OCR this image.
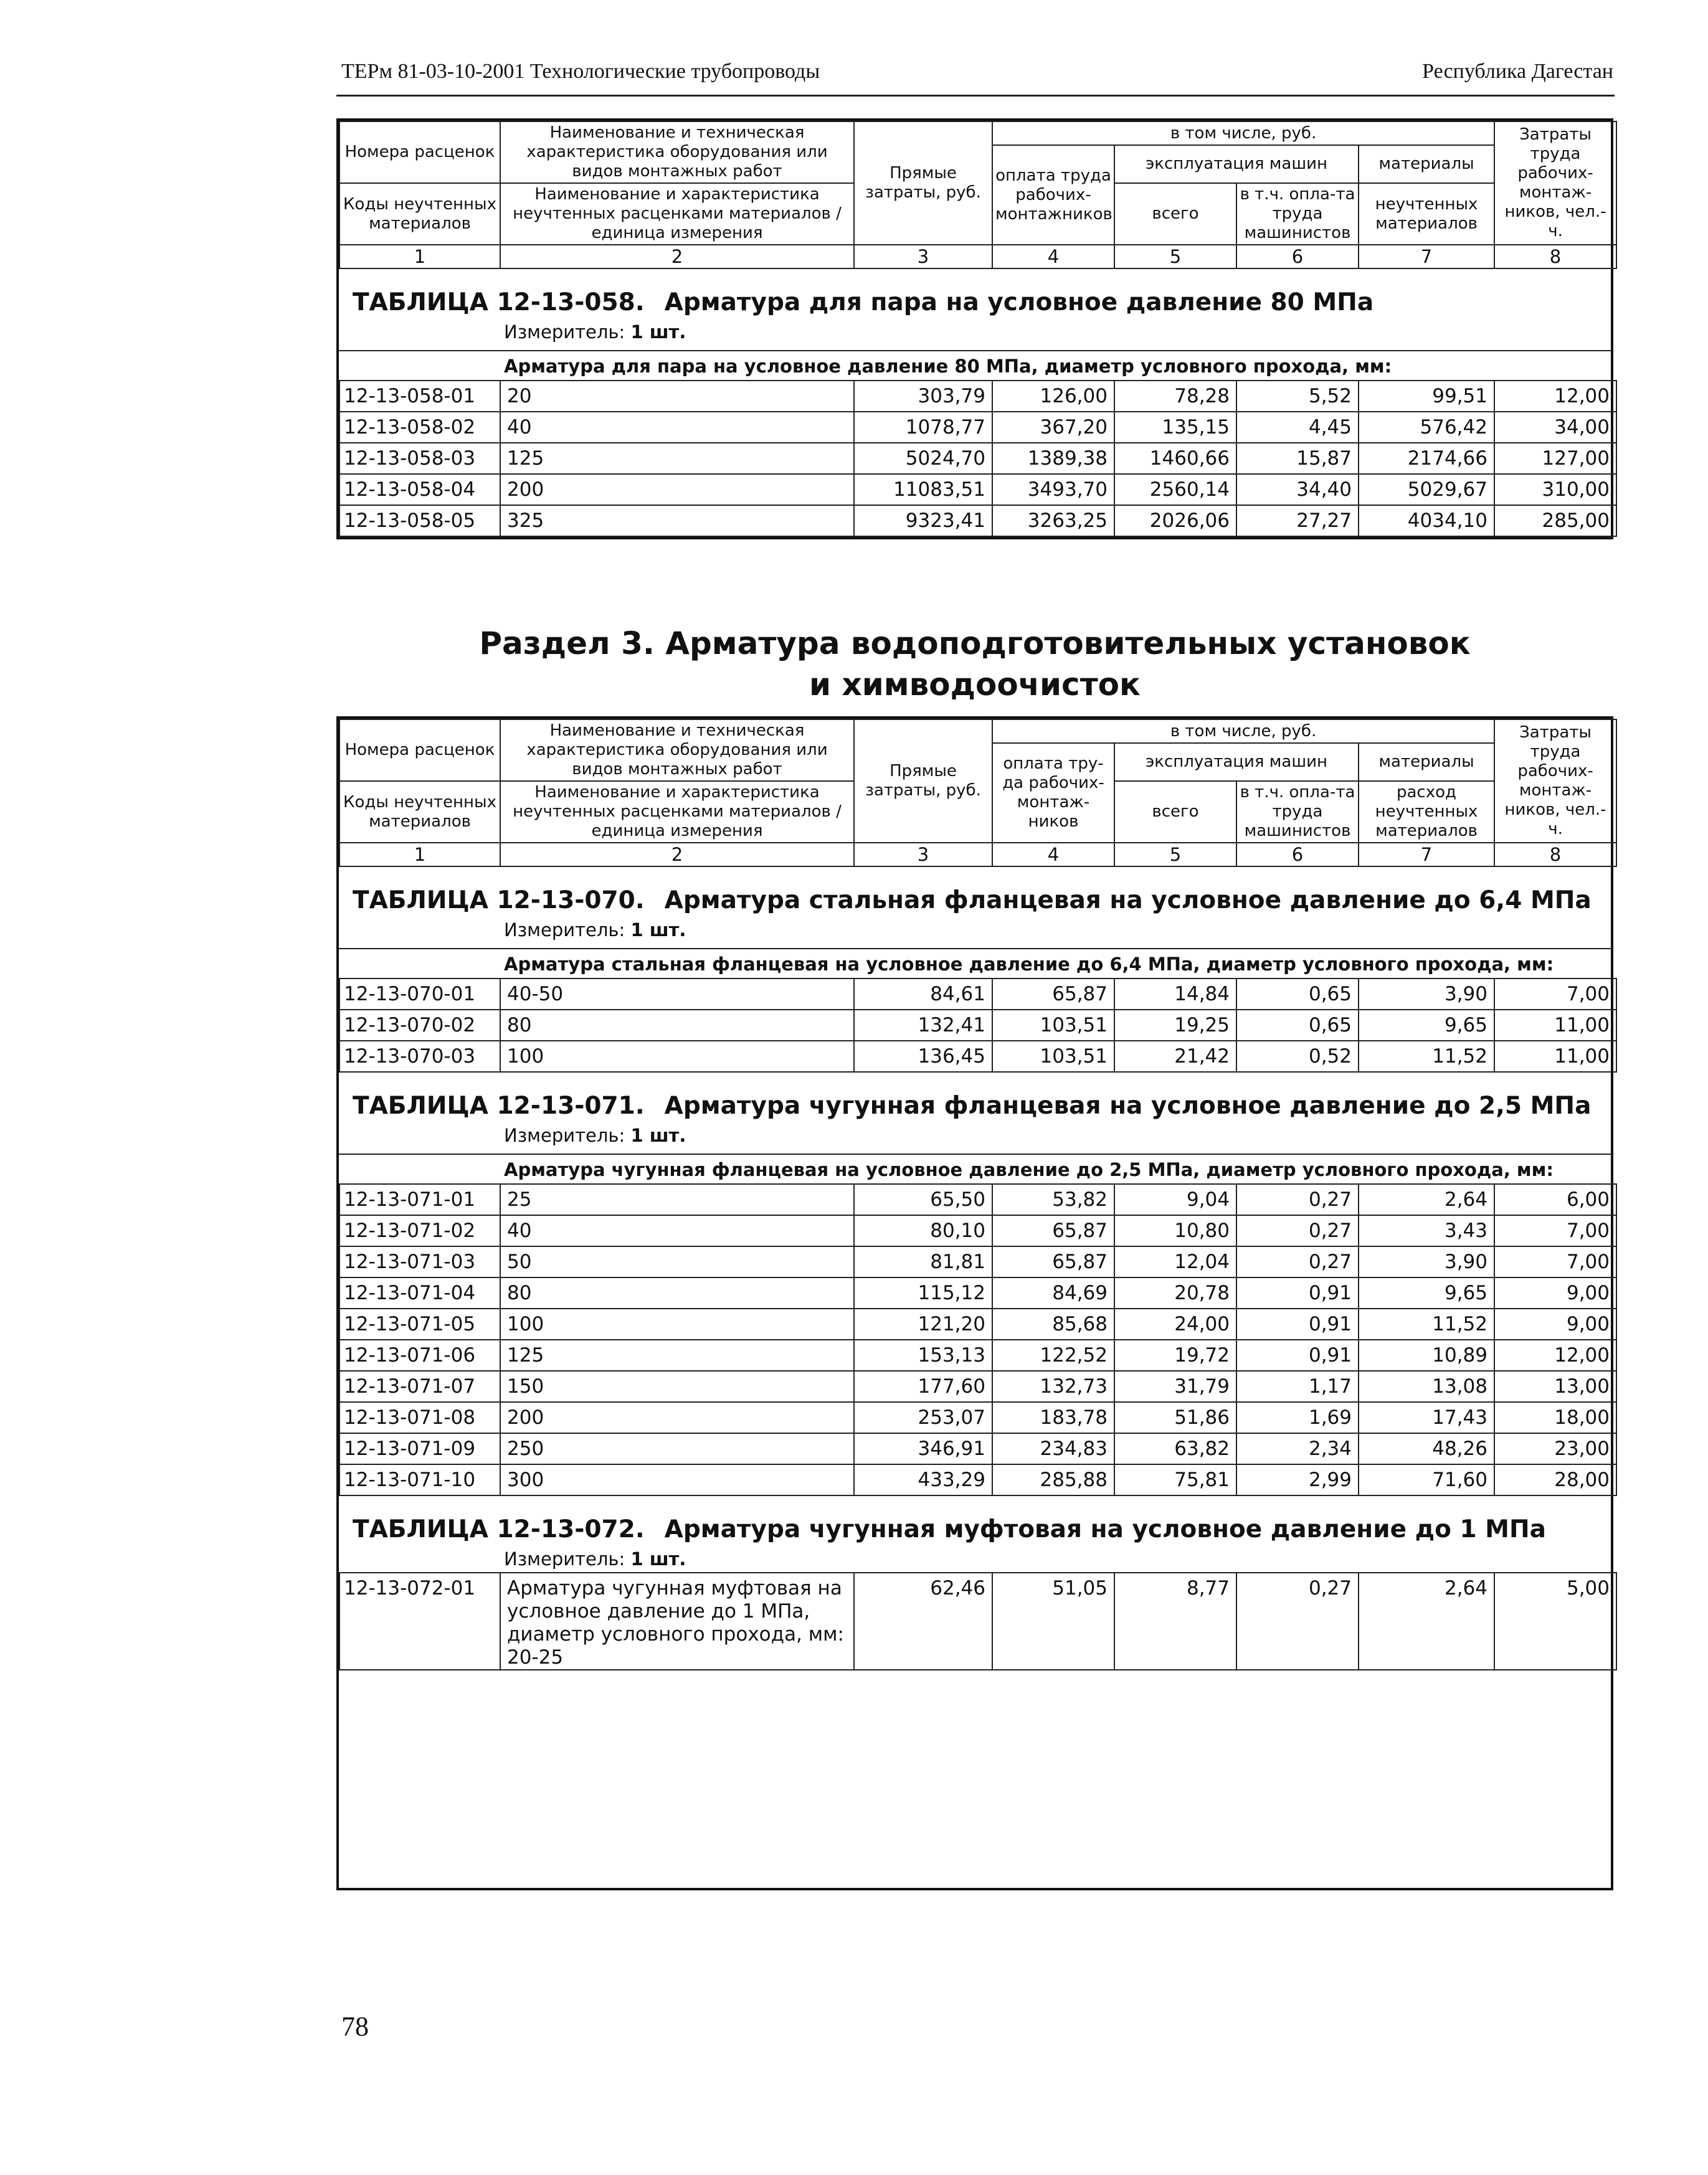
ТЕРм 81-03-10-2001 Технологические трубопроводы	Республика Дагестан
Номера расценок	Наименование и техническая характеристика оборудования или видов монтажных работ	Прямые затраты, руб.	в том числе, руб.				Затраты труда рабочих-монтаж-ников, чел.-ч.
			оплата труда рабочих-монтажников	эксплуатация машин		материалы	
Коды неучтенных материалов	Наименование и характеристика неучтенных расценками материалов / единица измерения			всего	в т.ч. опла-та труда машинистов	неучтенных материалов	

1	2	3	4	5	6	7	8
ТАБЛИЦА 12-13-058. Арматура для пара на условное давление 80 МПа
Измеритель: 1 шт.
Арматура для пара на условное давление 80 МПа, диаметр условного прохода, мм:
12-13-058-01	20	303,79	126,00	78,28	5,52	99,51	12,00
12-13-058-02	40	1078,77	367,20	135,15	4,45	576,42	34,00
12-13-058-03	125	5024,70	1389,38	1460,66	15,87	2174,66	127,00
12-13-058-04	200	11083,51	3493,70	2560,14	34,40	5029,67	310,00
12-13-058-05	325	9323,41	3263,25	2026,06	27,27	4034,10	285,00
Раздел 3. Арматура водоподготовительных установок
и химводоочисток
Номера расценок	Наименование и техническая характеристика оборудования или видов монтажных работ	Прямые затраты, руб.	в том числе, руб.				Затраты труда рабочих-монтаж-ников, чел.-ч.
			оплата тру-да рабочих-монтаж-ников	эксплуатация машин		материалы	
Коды неучтенных материалов	Наименование и характеристика неучтенных расценками материалов / единица измерения			всего	в т.ч. опла-та труда машинистов	расход неучтенных материалов	

1	2	3	4	5	6	7	8
ТАБЛИЦА 12-13-070. Арматура стальная фланцевая на условное давление до 6,4 МПа
Измеритель: 1 шт.
Арматура стальная фланцевая на условное давление до 6,4 МПа, диаметр условного прохода, мм:
12-13-070-01	40-50	84,61	65,87	14,84	0,65	3,90	7,00
12-13-070-02	80	132,41	103,51	19,25	0,65	9,65	11,00
12-13-070-03	100	136,45	103,51	21,42	0,52	11,52	11,00
ТАБЛИЦА 12-13-071. Арматура чугунная фланцевая на условное давление до 2,5 МПа
Измеритель: 1 шт.
Арматура чугунная фланцевая на условное давление до 2,5 МПа, диаметр условного прохода, мм:
12-13-071-01	25	65,50	53,82	9,04	0,27	2,64	6,00
12-13-071-02	40	80,10	65,87	10,80	0,27	3,43	7,00
12-13-071-03	50	81,81	65,87	12,04	0,27	3,90	7,00
12-13-071-04	80	115,12	84,69	20,78	0,91	9,65	9,00
12-13-071-05	100	121,20	85,68	24,00	0,91	11,52	9,00
12-13-071-06	125	153,13	122,52	19,72	0,91	10,89	12,00
12-13-071-07	150	177,60	132,73	31,79	1,17	13,08	13,00
12-13-071-08	200	253,07	183,78	51,86	1,69	17,43	18,00
12-13-071-09	250	346,91	234,83	63,82	2,34	48,26	23,00
12-13-071-10	300	433,29	285,88	75,81	2,99	71,60	28,00
ТАБЛИЦА 12-13-072. Арматура чугунная муфтовая на условное давление до 1 МПа
Измеритель: 1 шт.
12-13-072-01	Арматура чугунная муфтовая на условное давление до 1 МПа, диаметр условного прохода, мм: 20-25	62,46	51,05	8,77	0,27	2,64	5,00
78
